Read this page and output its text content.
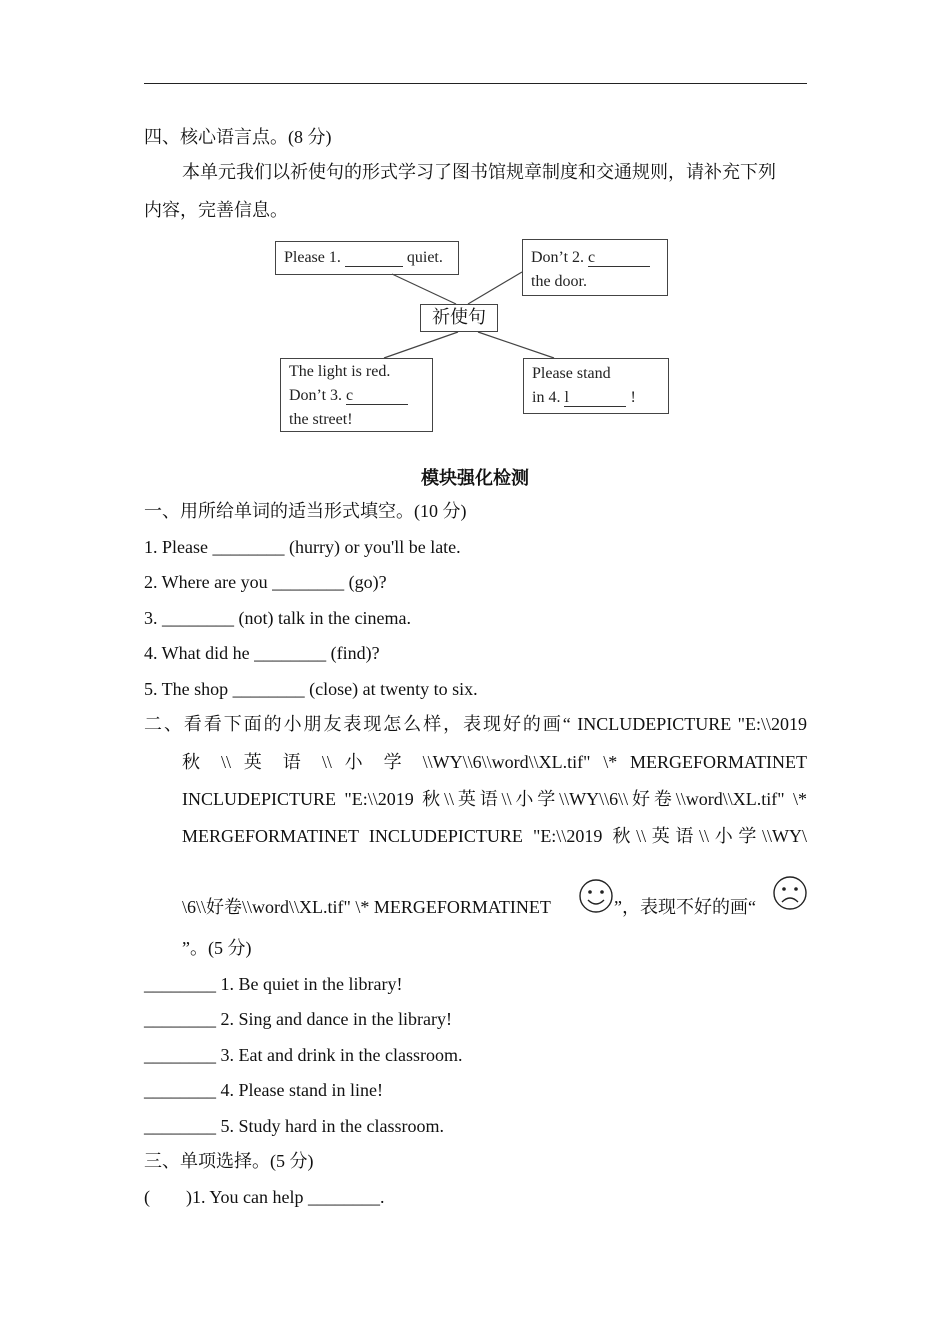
四、核心语言点。(8 分)
本单元我们以祈使句的形式学习了图书馆规章制度和交通规则，请补充下列
内容，完善信息。
Please 1.	quiet.	Don’t 2. c
the door.
祈使句
The light is red.
Don’t 3. c
the street!
Please stand
in 4. l	!
模块强化检测
一、用所给单词的适当形式填空。(10 分)
1. Please ________ (hurry) or you'll be late.
2. Where are you ________ (go)?
3. ________ (not) talk in the cinema.
4. What did he ________ (find)?
5. The shop ________ (close) at twenty to six.
二、看看下面的小朋友表现怎么样，表现好的画“ INCLUDEPICTURE "E:\\2019
秋 \\ 英 语 \\ 小 学 \\WY\\6\\word\\XL.tif" \* MERGEFORMATINET
INCLUDEPICTURE "E:\\2019 秋\\英语\\小学\\WY\\6\\好卷\\word\\XL.tif" \*
MERGEFORMATINET INCLUDEPICTURE "E:\\2019 秋\\英语\\小学\\WY\
\6\\好卷\\word\\XL.tif" \* MERGEFORMATINET	”，表现不好的画“
”。(5 分)
________ 1. Be quiet in the library!
________ 2. Sing and dance in the library!
________ 3. Eat and drink in the classroom.
________ 4. Please stand in line!
________ 5. Study hard in the classroom.
三、单项选择。(5 分)
(        )1. You can help ________.
